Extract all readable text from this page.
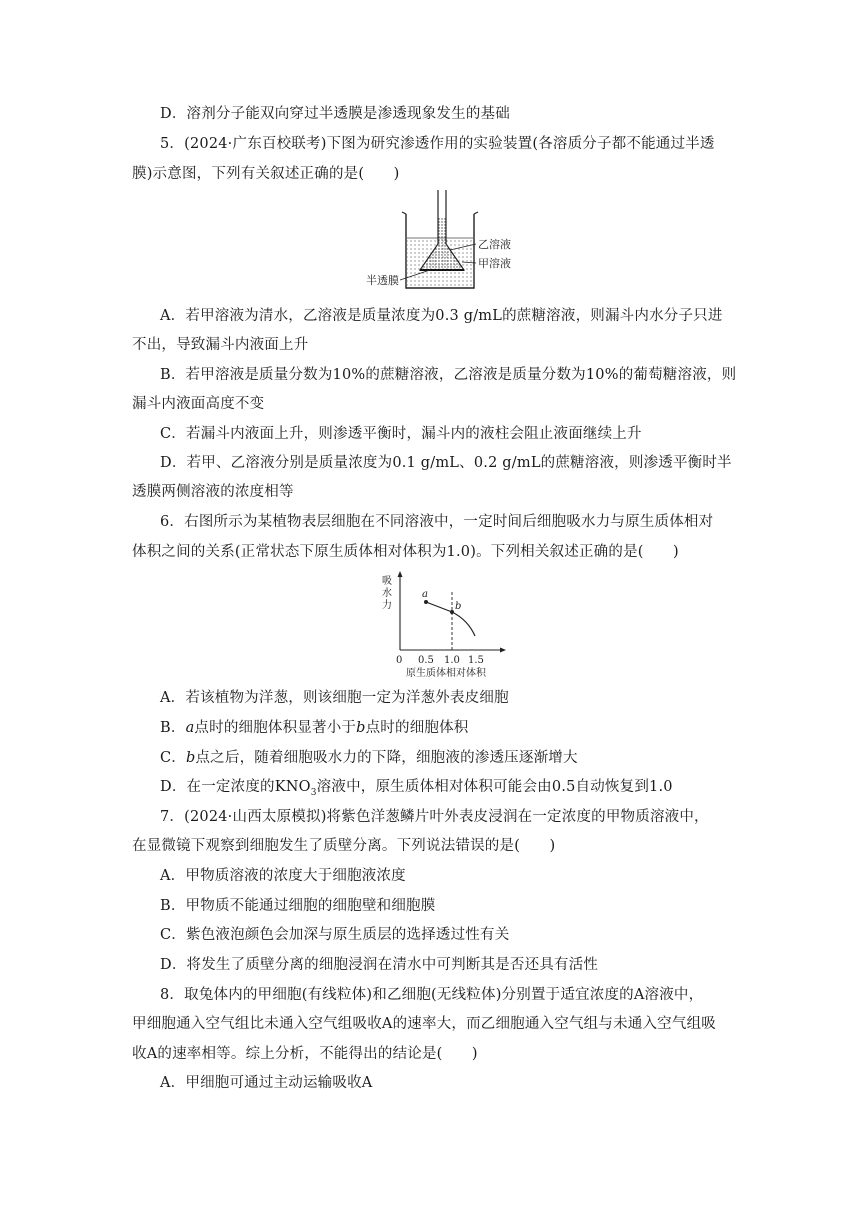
D．溶剂分子能双向穿过半透膜是渗透现象发生的基础
5．(2024·广东百校联考)下图为研究渗透作用的实验装置(各溶质分子都不能通过半透
膜)示意图，下列有关叙述正确的是(　　)
乙溶液
甲溶液
半透膜
A．若甲溶液为清水，乙溶液是质量浓度为0.3 g/mL的蔗糖溶液，则漏斗内水分子只进
不出，导致漏斗内液面上升
B．若甲溶液是质量分数为10%的蔗糖溶液，乙溶液是质量分数为10%的葡萄糖溶液，则
漏斗内液面高度不变
C．若漏斗内液面上升，则渗透平衡时，漏斗内的液柱会阻止液面继续上升
D．若甲、乙溶液分别是质量浓度为0.1 g/mL、0.2 g/mL的蔗糖溶液，则渗透平衡时半
透膜两侧溶液的浓度相等
6．右图所示为某植物表层细胞在不同溶液中，一定时间后细胞吸水力与原生质体相对
体积之间的关系(正常状态下原生质体相对体积为1.0)。下列相关叙述正确的是(　　)
吸
水
力
a
b
0 0.5 1.0 1.5
原生质体相对体积
A．若该植物为洋葱，则该细胞一定为洋葱外表皮细胞
B．a点时的细胞体积显著小于b点时的细胞体积
C．b点之后，随着细胞吸水力的下降，细胞液的渗透压逐渐增大
D．在一定浓度的$KNO_3$溶液中，原生质体相对体积可能会由0.5自动恢复到1.0
7．(2024·山西太原模拟)将紫色洋葱鳞片叶外表皮浸润在一定浓度的甲物质溶液中，
在显微镜下观察到细胞发生了质壁分离。下列说法错误的是(　　)
A．甲物质溶液的浓度大于细胞液浓度
B．甲物质不能通过细胞的细胞壁和细胞膜
C．紫色液泡颜色会加深与原生质层的选择透过性有关
D．将发生了质壁分离的细胞浸润在清水中可判断其是否还具有活性
8．取兔体内的甲细胞(有线粒体)和乙细胞(无线粒体)分别置于适宜浓度的A溶液中，
甲细胞通入空气组比未通入空气组吸收A的速率大，而乙细胞通入空气组与未通入空气组吸
收A的速率相等。综上分析，不能得出的结论是(　　)
A．甲细胞可通过主动运输吸收A
